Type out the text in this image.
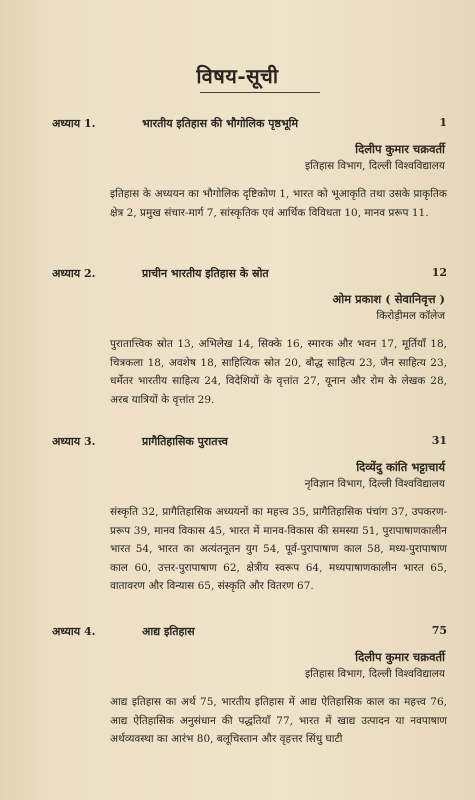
विषय-सूची
अध्याय 1.	भारतीय इतिहास की भौगोलिक पृष्ठभूमि	1
दिलीप कुमार चक्रवर्ती
इतिहास विभाग, दिल्ली विश्वविद्यालय
इतिहास के अध्ययन का भौगोलिक दृष्टिकोण 1, भारत को भूआकृति तथा उसके प्राकृतिक क्षेत्र 2, प्रमुख संचार-मार्ग 7, सांस्कृतिक एवं आर्थिक विविधता 10, मानव प्ररूप 11.
अध्याय 2.	प्राचीन भारतीय इतिहास के स्रोत	12
ओम प्रकाश ( सेवानिवृत्त )
किरोड़ीमल कॉलेज
पुरातात्त्विक स्रोत 13, अभिलेख 14, सिक्के 16, स्मारक और भवन 17, मूर्तियाँ 18, चित्रकला 18, अवशेष 18, साहित्यिक स्रोत 20, बौद्ध साहित्य 23, जैन साहित्य 23, धर्मेतर भारतीय साहित्य 24, विदेशियों के वृत्तांत 27, यूनान और रोम के लेखक 28, अरब यात्रियों के वृत्तांत 29.
अध्याय 3.	प्रागैतिहासिक पुरातत्त्व	31
दिव्येंदु कांति भट्टाचार्य
नृविज्ञान विभाग, दिल्ली विश्वविद्यालय
संस्कृति 32, प्रागैतिहासिक अध्ययनों का महत्त्व 35, प्रागैतिहासिक पंचांग 37, उपकरण-प्ररूप 39, मानव विकास 45, भारत में मानव-विकास की समस्या 51, पुरापाषाणकालीन भारत 54, भारत का अत्यंतनूतन युग 54, पूर्व-पुरापाषाण काल 58, मध्य-पुरापाषाण काल 60, उत्तर-पुरापाषाण 62, क्षेत्रीय स्वरूप 64, मध्यपाषाणकालीन भारत 65, वातावरण और विन्यास 65, संस्कृति और वितरण 67.
अध्याय 4.	आद्य इतिहास	75
दिलीप कुमार चक्रवर्ती
इतिहास विभाग, दिल्ली विश्वविद्यालय
आद्य इतिहास का अर्थ 75, भारतीय इतिहास में आद्य ऐतिहासिक काल का महत्त्व 76, आद्य ऐतिहासिक अनुसंधान की पद्धतियाँ 77, भारत में खाद्य उत्पादन या नवपाषाण अर्थव्यवस्था का आरंभ 80, बलूचिस्तान और वृहत्तर सिंधु घाटी
